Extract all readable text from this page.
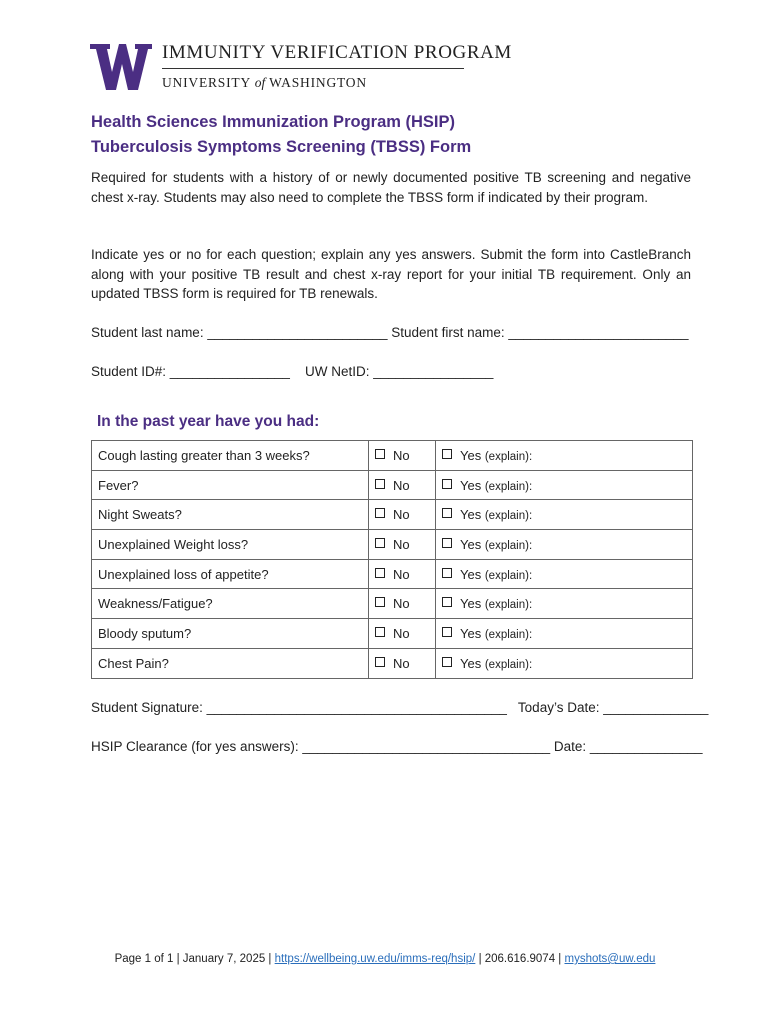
IMMUNITY VERIFICATION PROGRAM
UNIVERSITY of WASHINGTON
Health Sciences Immunization Program (HSIP)
Tuberculosis Symptoms Screening (TBSS) Form
Required for students with a history of or newly documented positive TB screening and negative chest x-ray. Students may also need to complete the TBSS form if indicated by their program.
Indicate yes or no for each question; explain any yes answers. Submit the form into CastleBranch along with your positive TB result and chest x-ray report for your initial TB requirement. Only an updated TBSS form is required for TB renewals.
Student last name: ________________________ Student first name: ________________________
Student ID#: ________________ UW NetID: ________________
In the past year have you had:
Cough lasting greater than 3 weeks?	No	Yes (explain):
Fever?	No	Yes (explain):
Night Sweats?	No	Yes (explain):
Unexplained Weight loss?	No	Yes (explain):
Unexplained loss of appetite?	No	Yes (explain):
Weakness/Fatigue?	No	Yes (explain):
Bloody sputum?	No	Yes (explain):
Chest Pain?	No	Yes (explain):
Student Signature: ________________________________________ Today’s Date: ______________
HSIP Clearance (for yes answers): _________________________________ Date: _______________
Page 1 of 1 | January 7, 2025 | https://wellbeing.uw.edu/imms-req/hsip/ | 206.616.9074 | myshots@uw.edu
